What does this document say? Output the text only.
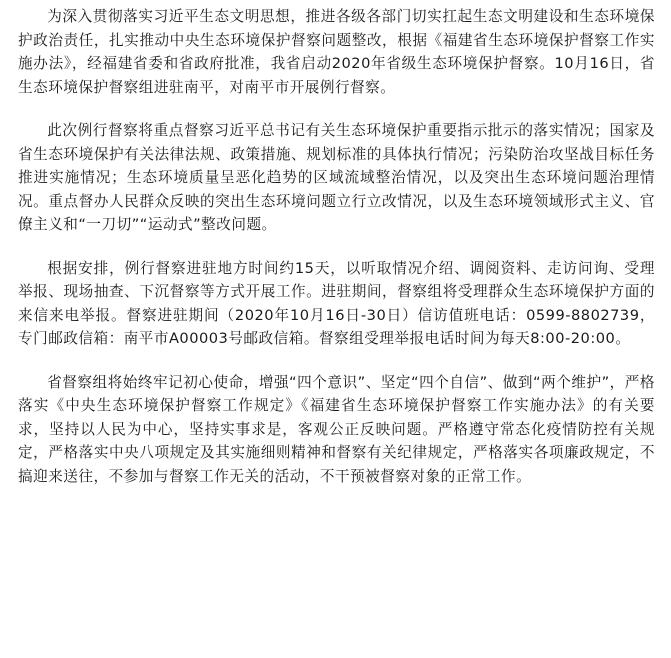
为深入贯彻落实习近平生态文明思想，推进各级各部门切实扛起生态文明建设和生态环境保护政治责任，扎实推动中央生态环境保护督察问题整改，根据《福建省生态环境保护督察工作实施办法》，经福建省委和省政府批准，我省启动2020年省级生态环境保护督察。10月16日，省生态环境保护督察组进驻南平，对南平市开展例行督察。

此次例行督察将重点督察习近平总书记有关生态环境保护重要指示批示的落实情况；国家及省生态环境保护有关法律法规、政策措施、规划标准的具体执行情况；污染防治攻坚战目标任务推进实施情况；生态环境质量呈恶化趋势的区域流域整治情况，以及突出生态环境问题治理情况。重点督办人民群众反映的突出生态环境问题立行立改情况，以及生态环境领域形式主义、官僚主义和“一刀切”“运动式”整改问题。

根据安排，例行督察进驻地方时间约15天，以听取情况介绍、调阅资料、走访问询、受理举报、现场抽查、下沉督察等方式开展工作。进驻期间，督察组将受理群众生态环境保护方面的来信来电举报。督察进驻期间（2020年10月16日-30日）信访值班电话：0599-8802739，专门邮政信箱：南平市A00003号邮政信箱。督察组受理举报电话时间为每天8:00-20:00。

省督察组将始终牢记初心使命，增强“四个意识”、坚定“四个自信”、做到“两个维护”，严格落实《中央生态环境保护督察工作规定》《福建省生态环境保护督察工作实施办法》的有关要求，坚持以人民为中心，坚持实事求是，客观公正反映问题。严格遵守常态化疫情防控有关规定，严格落实中央八项规定及其实施细则精神和督察有关纪律规定，严格落实各项廉政规定，不搞迎来送往，不参加与督察工作无关的活动，不干预被督察对象的正常工作。
